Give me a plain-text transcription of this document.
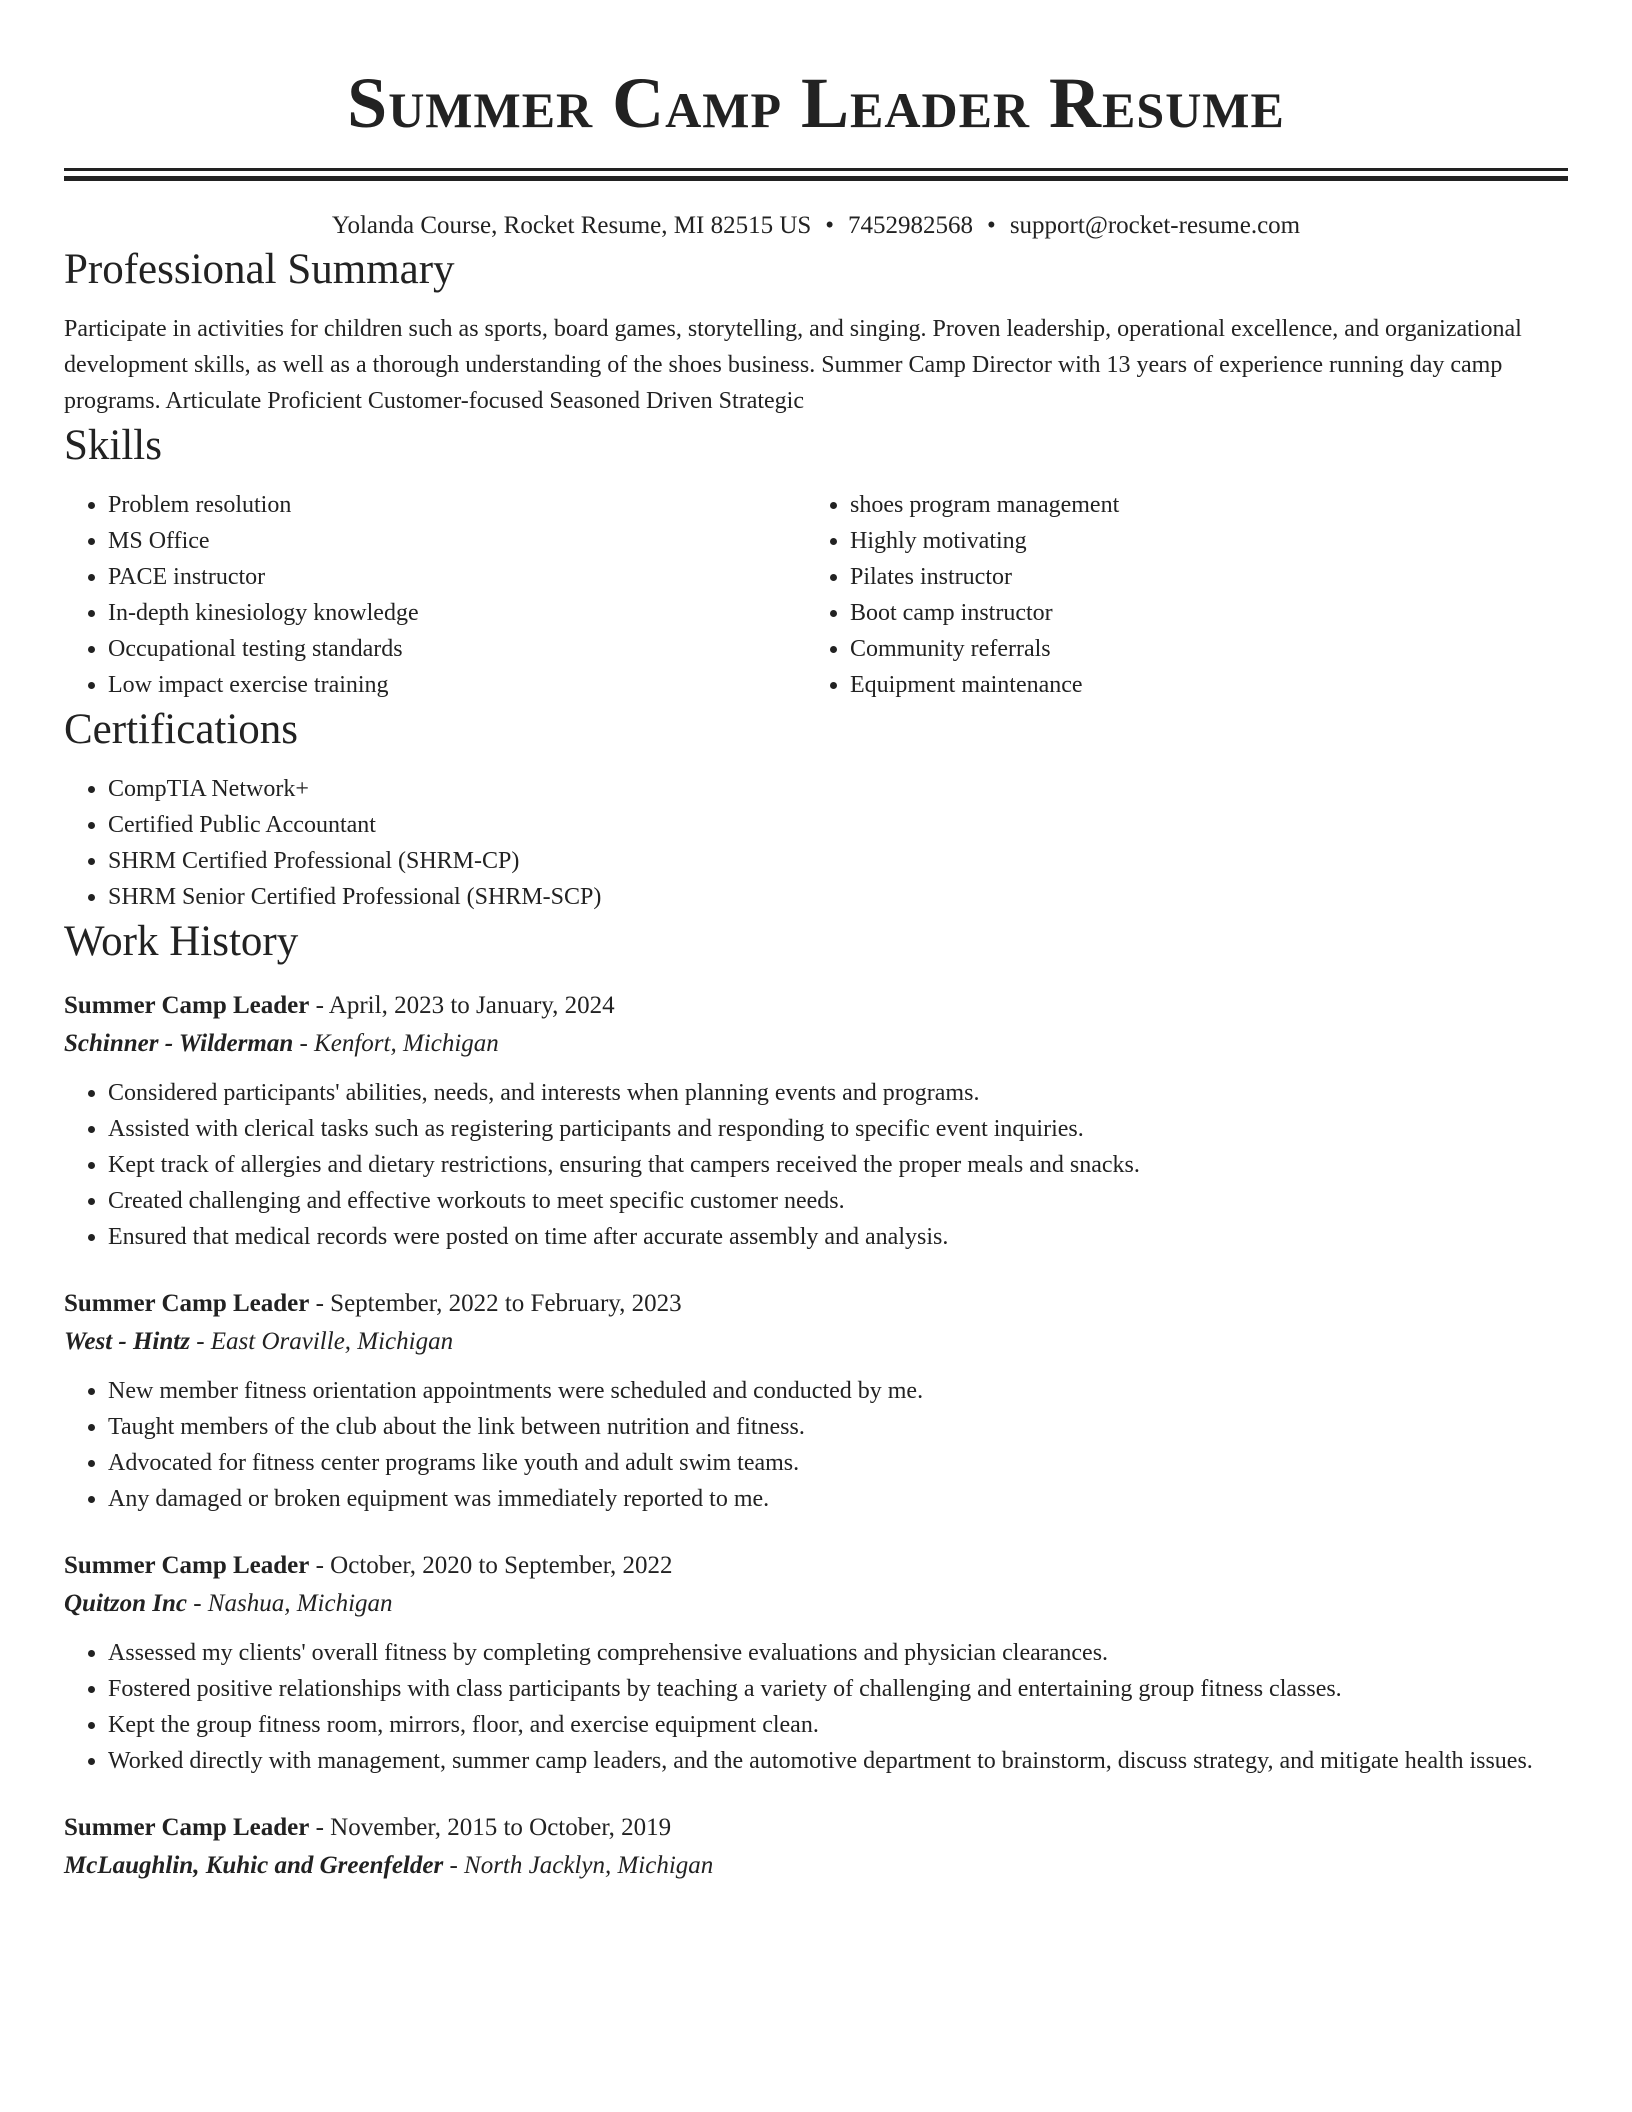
Summer Camp Leader Resume
Yolanda Course, Rocket Resume, MI 82515 US • 7452982568 • support@rocket-resume.com
Professional Summary

Participate in activities for children such as sports, board games, storytelling, and singing. Proven leadership, operational excellence, and organizational development skills, as well as a thorough understanding of the shoes business. Summer Camp Director with 13 years of experience running day camp programs. Articulate Proficient Customer-focused Seasoned Driven Strategic

Skills
• Problem resolution
• MS Office
• PACE instructor
• In-depth kinesiology knowledge
• Occupational testing standards
• Low impact exercise training
• shoes program management
• Highly motivating
• Pilates instructor
• Boot camp instructor
• Community referrals
• Equipment maintenance
Certifications
• CompTIA Network+
• Certified Public Accountant
• SHRM Certified Professional (SHRM-CP)
• SHRM Senior Certified Professional (SHRM-SCP)
Work History
Summer Camp Leader - April, 2023 to January, 2024
Schinner - Wilderman - Kenfort, Michigan
• Considered participants' abilities, needs, and interests when planning events and programs.
• Assisted with clerical tasks such as registering participants and responding to specific event inquiries.
• Kept track of allergies and dietary restrictions, ensuring that campers received the proper meals and snacks.
• Created challenging and effective workouts to meet specific customer needs.
• Ensured that medical records were posted on time after accurate assembly and analysis.
Summer Camp Leader - September, 2022 to February, 2023
West - Hintz - East Oraville, Michigan
• New member fitness orientation appointments were scheduled and conducted by me.
• Taught members of the club about the link between nutrition and fitness.
• Advocated for fitness center programs like youth and adult swim teams.
• Any damaged or broken equipment was immediately reported to me.
Summer Camp Leader - October, 2020 to September, 2022
Quitzon Inc - Nashua, Michigan
• Assessed my clients' overall fitness by completing comprehensive evaluations and physician clearances.
• Fostered positive relationships with class participants by teaching a variety of challenging and entertaining group fitness classes.
• Kept the group fitness room, mirrors, floor, and exercise equipment clean.
• Worked directly with management, summer camp leaders, and the automotive department to brainstorm, discuss strategy, and mitigate health issues.
Summer Camp Leader - November, 2015 to October, 2019
McLaughlin, Kuhic and Greenfelder - North Jacklyn, Michigan
